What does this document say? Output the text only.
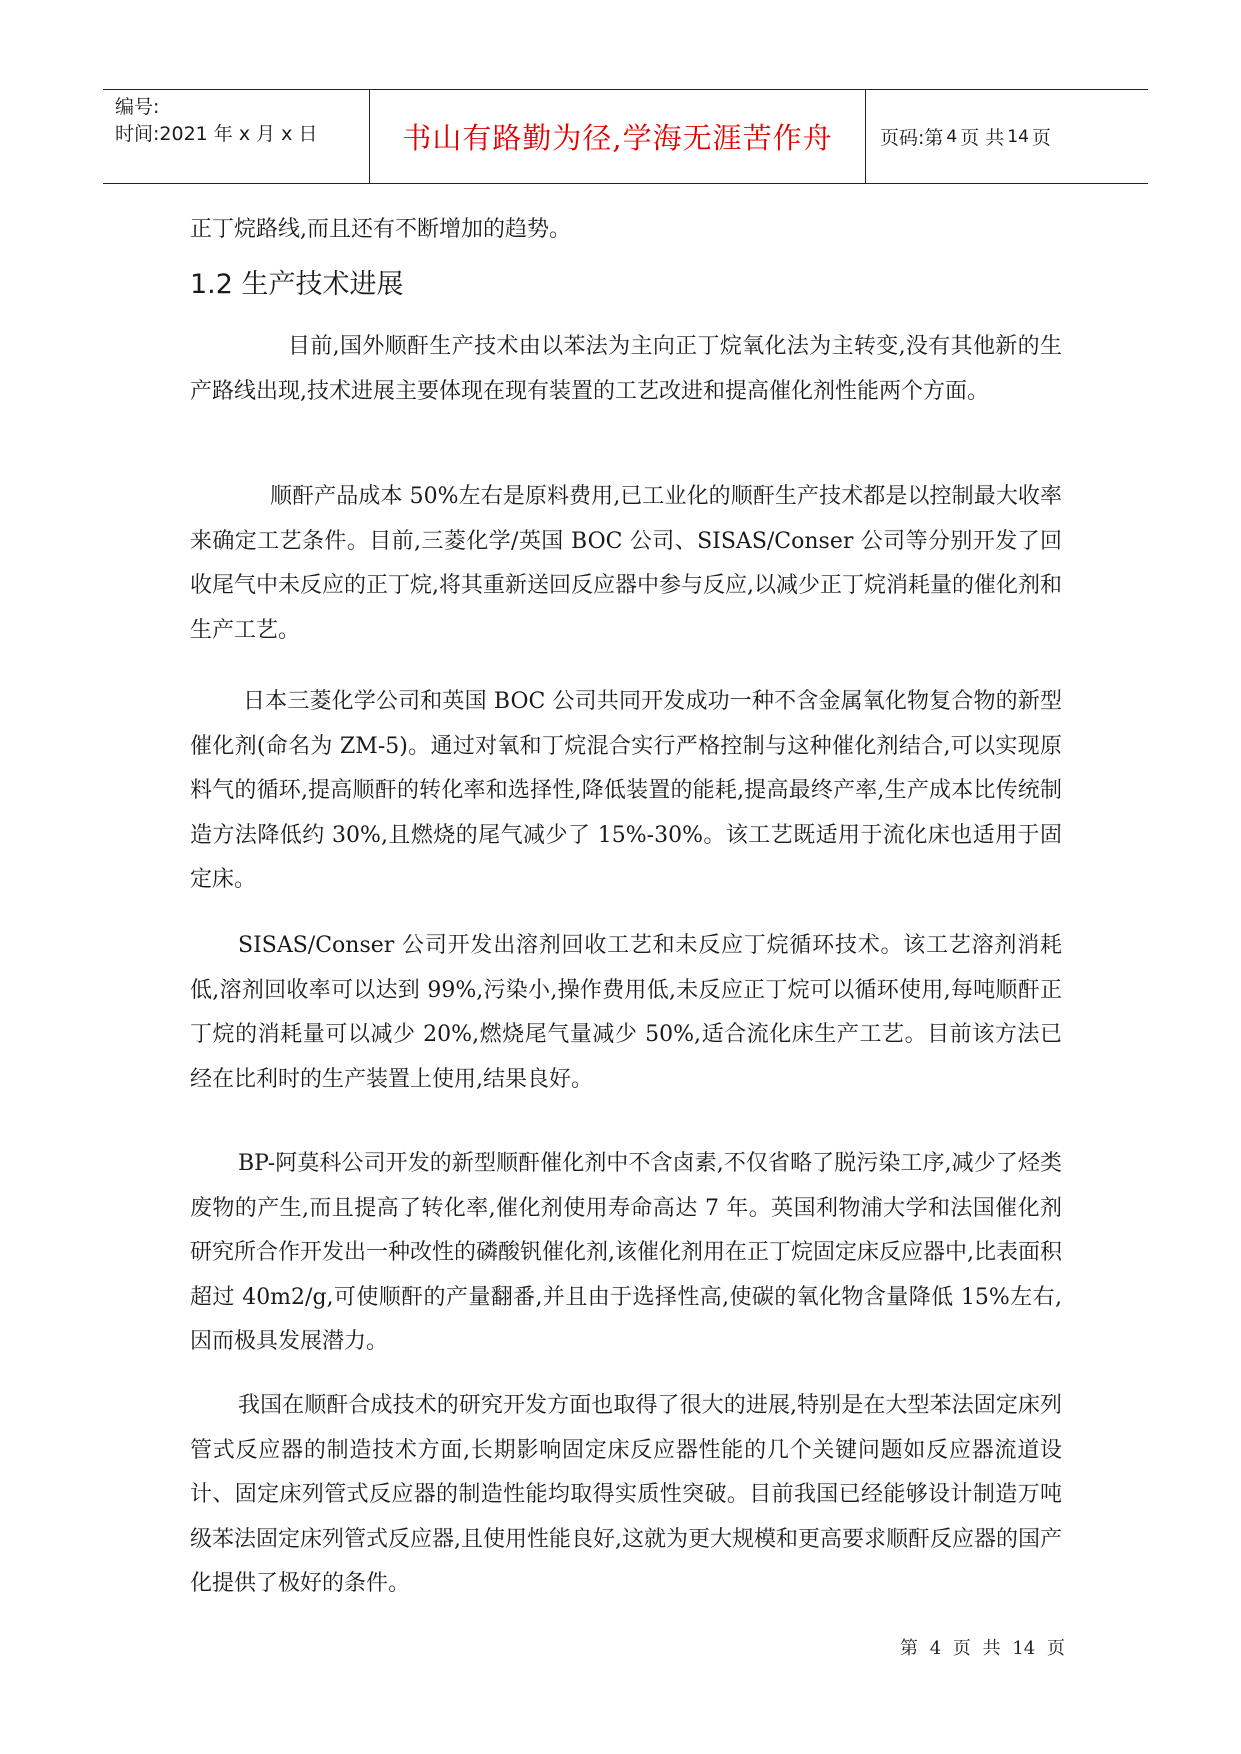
编号:
时间:2021 年 x 月 x 日	书山有路勤为径,学海无涯苦作舟	页码:第 4 页 共 14 页
正丁烷路线,而且还有不断增加的趋势。
1.2 生产技术进展
目前,国外顺酐生产技术由以苯法为主向正丁烷氧化法为主转变,没有其他新的生产路线出现,技术进展主要体现在现有装置的工艺改进和提高催化剂性能两个方面。
顺酐产品成本 50%左右是原料费用,已工业化的顺酐生产技术都是以控制最大收率来确定工艺条件。目前,三菱化学/英国 BOC 公司、SISAS/Conser 公司等分别开发了回收尾气中未反应的正丁烷,将其重新送回反应器中参与反应,以减少正丁烷消耗量的催化剂和生产工艺。
日本三菱化学公司和英国 BOC 公司共同开发成功一种不含金属氧化物复合物的新型催化剂(命名为 ZM-5)。通过对氧和丁烷混合实行严格控制与这种催化剂结合,可以实现原料气的循环,提高顺酐的转化率和选择性,降低装置的能耗,提高最终产率,生产成本比传统制造方法降低约 30%,且燃烧的尾气减少了 15%-30%。该工艺既适用于流化床也适用于固定床。
SISAS/Conser 公司开发出溶剂回收工艺和未反应丁烷循环技术。该工艺溶剂消耗低,溶剂回收率可以达到 99%,污染小,操作费用低,未反应正丁烷可以循环使用,每吨顺酐正丁烷的消耗量可以减少 20%,燃烧尾气量减少 50%,适合流化床生产工艺。目前该方法已经在比利时的生产装置上使用,结果良好。
BP-阿莫科公司开发的新型顺酐催化剂中不含卤素,不仅省略了脱污染工序,减少了烃类废物的产生,而且提高了转化率,催化剂使用寿命高达 7 年。英国利物浦大学和法国催化剂研究所合作开发出一种改性的磷酸钒催化剂,该催化剂用在正丁烷固定床反应器中,比表面积超过 40m2/g,可使顺酐的产量翻番,并且由于选择性高,使碳的氧化物含量降低 15%左右,因而极具发展潜力。
我国在顺酐合成技术的研究开发方面也取得了很大的进展,特别是在大型苯法固定床列管式反应器的制造技术方面,长期影响固定床反应器性能的几个关键问题如反应器流道设计、固定床列管式反应器的制造性能均取得实质性突破。目前我国已经能够设计制造万吨级苯法固定床列管式反应器,且使用性能良好,这就为更大规模和更高要求顺酐反应器的国产化提供了极好的条件。
第 4 页 共 14 页
